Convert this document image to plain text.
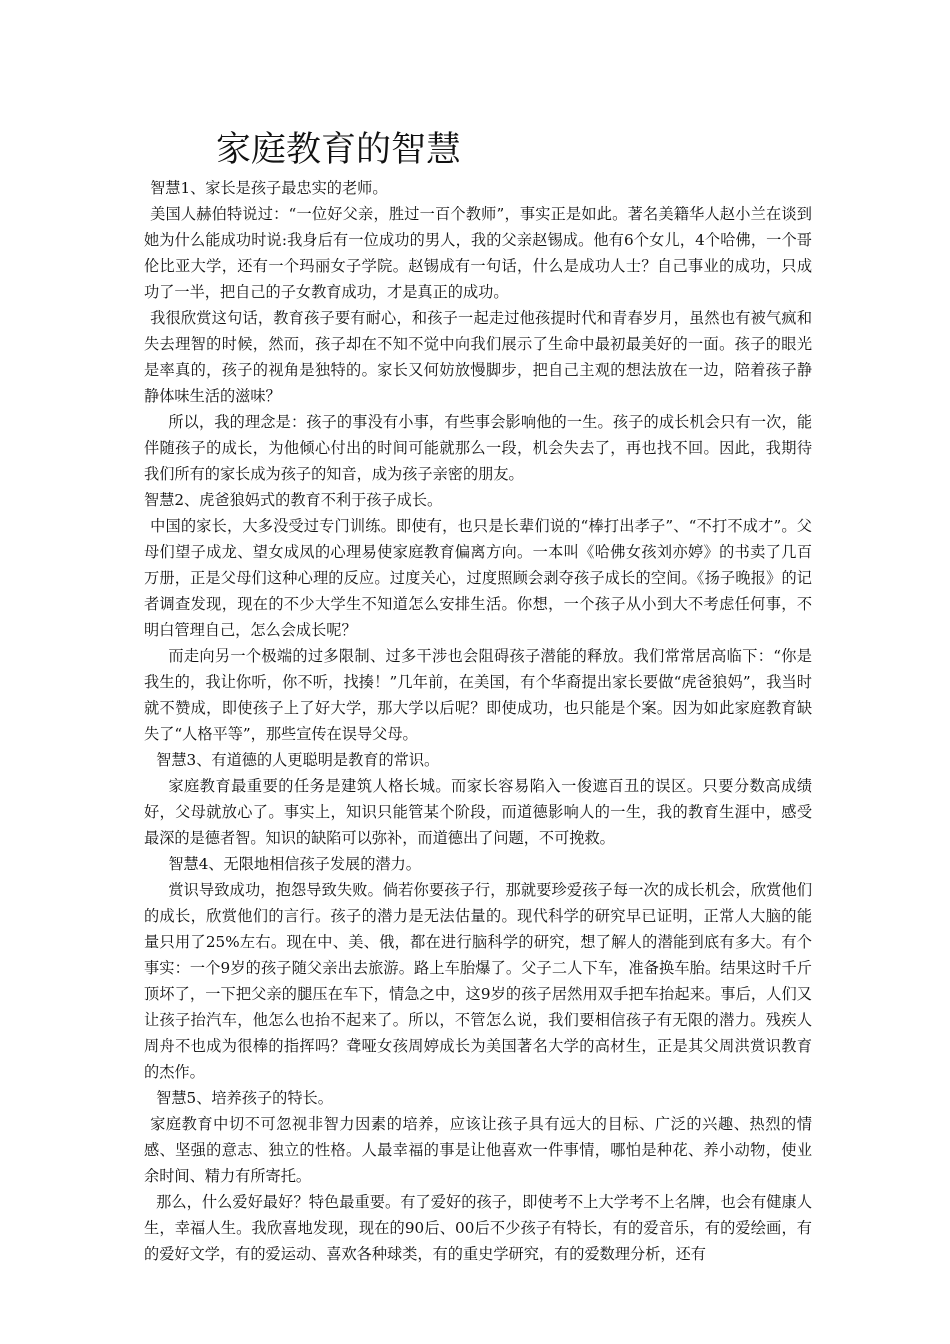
家庭教育的智慧

智慧1、家长是孩子最忠实的老师。

美国人赫伯特说过：“一位好父亲，胜过一百个教师”，事实正是如此。著名美籍华人赵小兰在谈到她为什么能成功时说:我身后有一位成功的男人，我的父亲赵锡成。他有6个女儿，4个哈佛，一个哥伦比亚大学，还有一个玛丽女子学院。赵锡成有一句话，什么是成功人士？自己事业的成功，只成功了一半，把自己的子女教育成功，才是真正的成功。

我很欣赏这句话，教育孩子要有耐心，和孩子一起走过他孩提时代和青春岁月，虽然也有被气疯和失去理智的时候，然而，孩子却在不知不觉中向我们展示了生命中最初最美好的一面。孩子的眼光是率真的，孩子的视角是独特的。家长又何妨放慢脚步，把自己主观的想法放在一边，陪着孩子静静体味生活的滋味？

所以，我的理念是：孩子的事没有小事，有些事会影响他的一生。孩子的成长机会只有一次，能伴随孩子的成长，为他倾心付出的时间可能就那么一段，机会失去了，再也找不回。因此，我期待我们所有的家长成为孩子的知音，成为孩子亲密的朋友。

智慧2、虎爸狼妈式的教育不利于孩子成长。

中国的家长，大多没受过专门训练。即使有，也只是长辈们说的“棒打出孝子”、“不打不成才”。父母们望子成龙、望女成凤的心理易使家庭教育偏离方向。一本叫《哈佛女孩刘亦婷》的书卖了几百万册，正是父母们这种心理的反应。过度关心，过度照顾会剥夺孩子成长的空间。《扬子晚报》的记者调查发现，现在的不少大学生不知道怎么安排生活。你想，一个孩子从小到大不考虑任何事，不明白管理自己，怎么会成长呢？

而走向另一个极端的过多限制、过多干涉也会阻碍孩子潜能的释放。我们常常居高临下：“你是我生的，我让你听，你不听，找揍！”几年前，在美国，有个华裔提出家长要做“虎爸狼妈”，我当时就不赞成，即使孩子上了好大学，那大学以后呢？即使成功，也只能是个案。因为如此家庭教育缺失了“人格平等”，那些宣传在误导父母。

智慧3、有道德的人更聪明是教育的常识。

家庭教育最重要的任务是建筑人格长城。而家长容易陷入一俊遮百丑的误区。只要分数高成绩好，父母就放心了。事实上，知识只能管某个阶段，而道德影响人的一生，我的教育生涯中，感受最深的是德者智。知识的缺陷可以弥补，而道德出了问题，不可挽救。

智慧4、无限地相信孩子发展的潜力。

赏识导致成功，抱怨导致失败。倘若你要孩子行，那就要珍爱孩子每一次的成长机会，欣赏他们的成长，欣赏他们的言行。孩子的潜力是无法估量的。现代科学的研究早已证明，正常人大脑的能量只用了25%左右。现在中、美、俄，都在进行脑科学的研究，想了解人的潜能到底有多大。有个事实：一个9岁的孩子随父亲出去旅游。路上车胎爆了。父子二人下车，准备换车胎。结果这时千斤顶坏了，一下把父亲的腿压在车下，情急之中，这9岁的孩子居然用双手把车抬起来。事后，人们又让孩子抬汽车，他怎么也抬不起来了。所以，不管怎么说，我们要相信孩子有无限的潜力。残疾人周舟不也成为很棒的指挥吗？聋哑女孩周婷成长为美国著名大学的高材生，正是其父周洪赏识教育的杰作。

智慧5、培养孩子的特长。

家庭教育中切不可忽视非智力因素的培养，应该让孩子具有远大的目标、广泛的兴趣、热烈的情感、坚强的意志、独立的性格。人最幸福的事是让他喜欢一件事情，哪怕是种花、养小动物，使业余时间、精力有所寄托。

那么，什么爱好最好？特色最重要。有了爱好的孩子，即使考不上大学考不上名牌，也会有健康人生，幸福人生。我欣喜地发现，现在的90后、00后不少孩子有特长，有的爱音乐，有的爱绘画，有的爱好文学，有的爱运动、喜欢各种球类，有的重史学研究，有的爱数理分析，还有
